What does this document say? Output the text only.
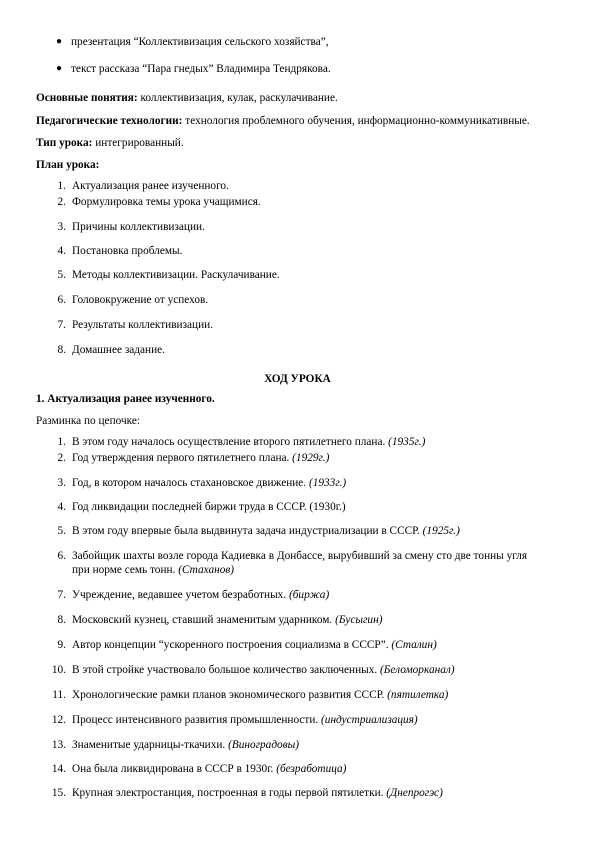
● презентация “Коллективизация сельского хозяйства”,
● текст рассказа “Пара гнедых” Владимира Тендрякова.
Основные понятия: коллективизация, кулак, раскулачивание.
Педагогические технологии: технология проблемного обучения, информационно-коммуникативные.
Тип урока: интегрированный.
План урока:
1. Актуализация ранее изученного.
2. Формулировка темы урока учащимися.
3. Причины коллективизации.
4. Постановка проблемы.
5. Методы коллективизации. Раскулачивание.
6. Головокружение от успехов.
7. Результаты коллективизации.
8. Домашнее задание.
ХОД УРОКА
1. Актуализация ранее изученного.
Разминка по цепочке:
1. В этом году началось осуществление второго пятилетнего плана. (1935г.)
2. Год утверждения первого пятилетнего плана. (1929г.)
3. Год, в котором началось стахановское движение. (1933г.)
4. Год ликвидации последней биржи труда в СССР. (1930г.)
5. В этом году впервые была выдвинута задача индустриализации в СССР. (1925г.)
6. Забойщик шахты возле города Кадиевка в Донбассе, вырубивший за смену сто две тонны угля при норме семь тонн. (Стаханов)
7. Учреждение, ведавшее учетом безработных. (биржа)
8. Московский кузнец, ставший знаменитым ударником. (Бусыгин)
9. Автор концепции “ускоренного построения социализма в СССР”. (Сталин)
10. В этой стройке участвовало большое количество заключенных. (Беломорканал)
11. Хронологические рамки планов экономического развития СССР. (пятилетка)
12. Процесс интенсивного развития промышленности. (индустриализация)
13. Знаменитые ударницы-ткачихи. (Виноградовы)
14. Она была ликвидирована в СССР в 1930г. (безработица)
15. Крупная электростанция, построенная в годы первой пятилетки. (Днепрогэс)
